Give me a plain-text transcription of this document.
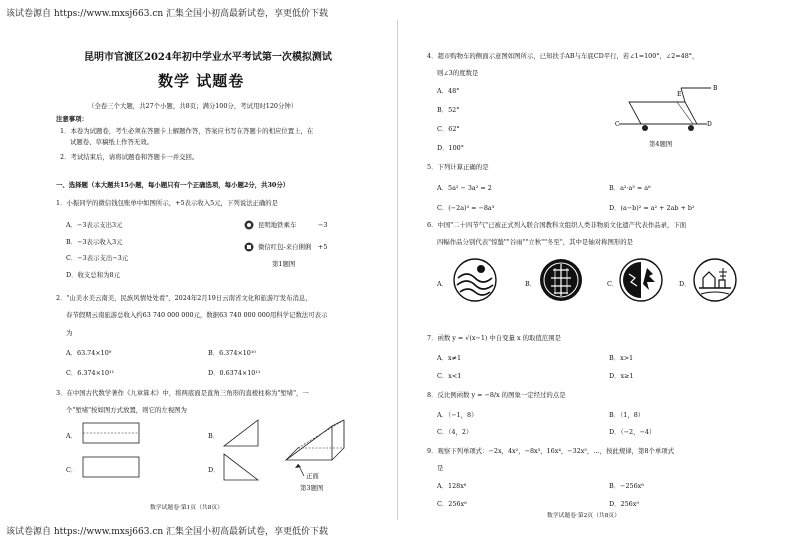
该试卷源自 https://www.mxsj663.cn 汇集全国小初高最新试卷，享更低价下载
该试卷源自 https://www.mxsj663.cn 汇集全国小初高最新试卷，享更低价下载
昆明市官渡区2024年初中学业水平考试第一次模拟测试
数学 试题卷
（全卷三个大题，共27个小题，共8页；满分100分，考试用时120分钟）
注意事项：
1．本卷为试题卷，考生必须在答题卡上解题作答，答案应书写在答题卡的相应位置上，在
试题卷、草稿纸上作答无效。
2．考试结束后，请将试题卷和答题卡一并交回。
一、选择题（本大题共15小题，每小题只有一个正确选项，每小题2分，共30分）
1．小振同学的微信钱包账单中如图所示，+5表示收入5元，下列说法正确的是
A．−3表示支出3元
B．−3表示收入3元
C．−3表示支出−3元
D．收支总和为8元
昆明地铁乘车	−3
微信红包-来自俐俐 +5
第1题图
2．"山美水美云南美，民族风情处处看"，2024年2月19日云南省文化和旅游厅发布消息，
春节假期云南旅游总收入约63 740 000 000元，数据63 740 000 000用科学记数法可表示
为
A．63.74×10⁹	B．6.374×10¹⁰
C．6.374×10¹¹	D．0.6374×10¹¹
3．在中国古代数学著作《九章算术》中，将两底面是直角三角形的直棱柱称为"堑堵"，一
个"堑堵"按如图方式放置，则它的左视图为
A．	B．
C．	D．
正面
第3题图
数学试题卷·第1页（共8页）
4．超市购物车的侧面示意图如图所示，已知扶手AB与车底CD平行，若∠1=100°，∠2=48°，
则∠3的度数是
A．48°
B．52°
C．62°
D．100°
C	D
E
B
第4题图
5．下列计算正确的是
A．5a² − 3a² = 2	B．a²·a³ = a⁶
C．(−2a)³ = −8a³	D．(a−b)² = a² + 2ab + b²
6．中国"二十四节气"已被正式列入联合国教科文组织人类非物质文化遗产代表作品录，下面
四幅作品分别代表"惊蛰""谷雨""立秋""冬至"，其中是轴对称图形的是
A．	B．	C．	D．
7．函数 y = √(x−1) 中自变量 x 的取值范围是
A．x≠1	B．x>1
C．x<1	D．x≥1
8．反比例函数 y = −8/x 的图象一定经过的点是
A．（−1，8）	B．（1，8）
C．（4，2）	D．（−2，−4）
9．观察下列单项式：−2x，4x²，−8x³，16x⁴，−32x⁵，…，按此规律，第8个单项式
是
A．128x⁸	B．−256x⁸
C．256x⁸	D．256x⁹
数学试题卷·第2页（共8页）
